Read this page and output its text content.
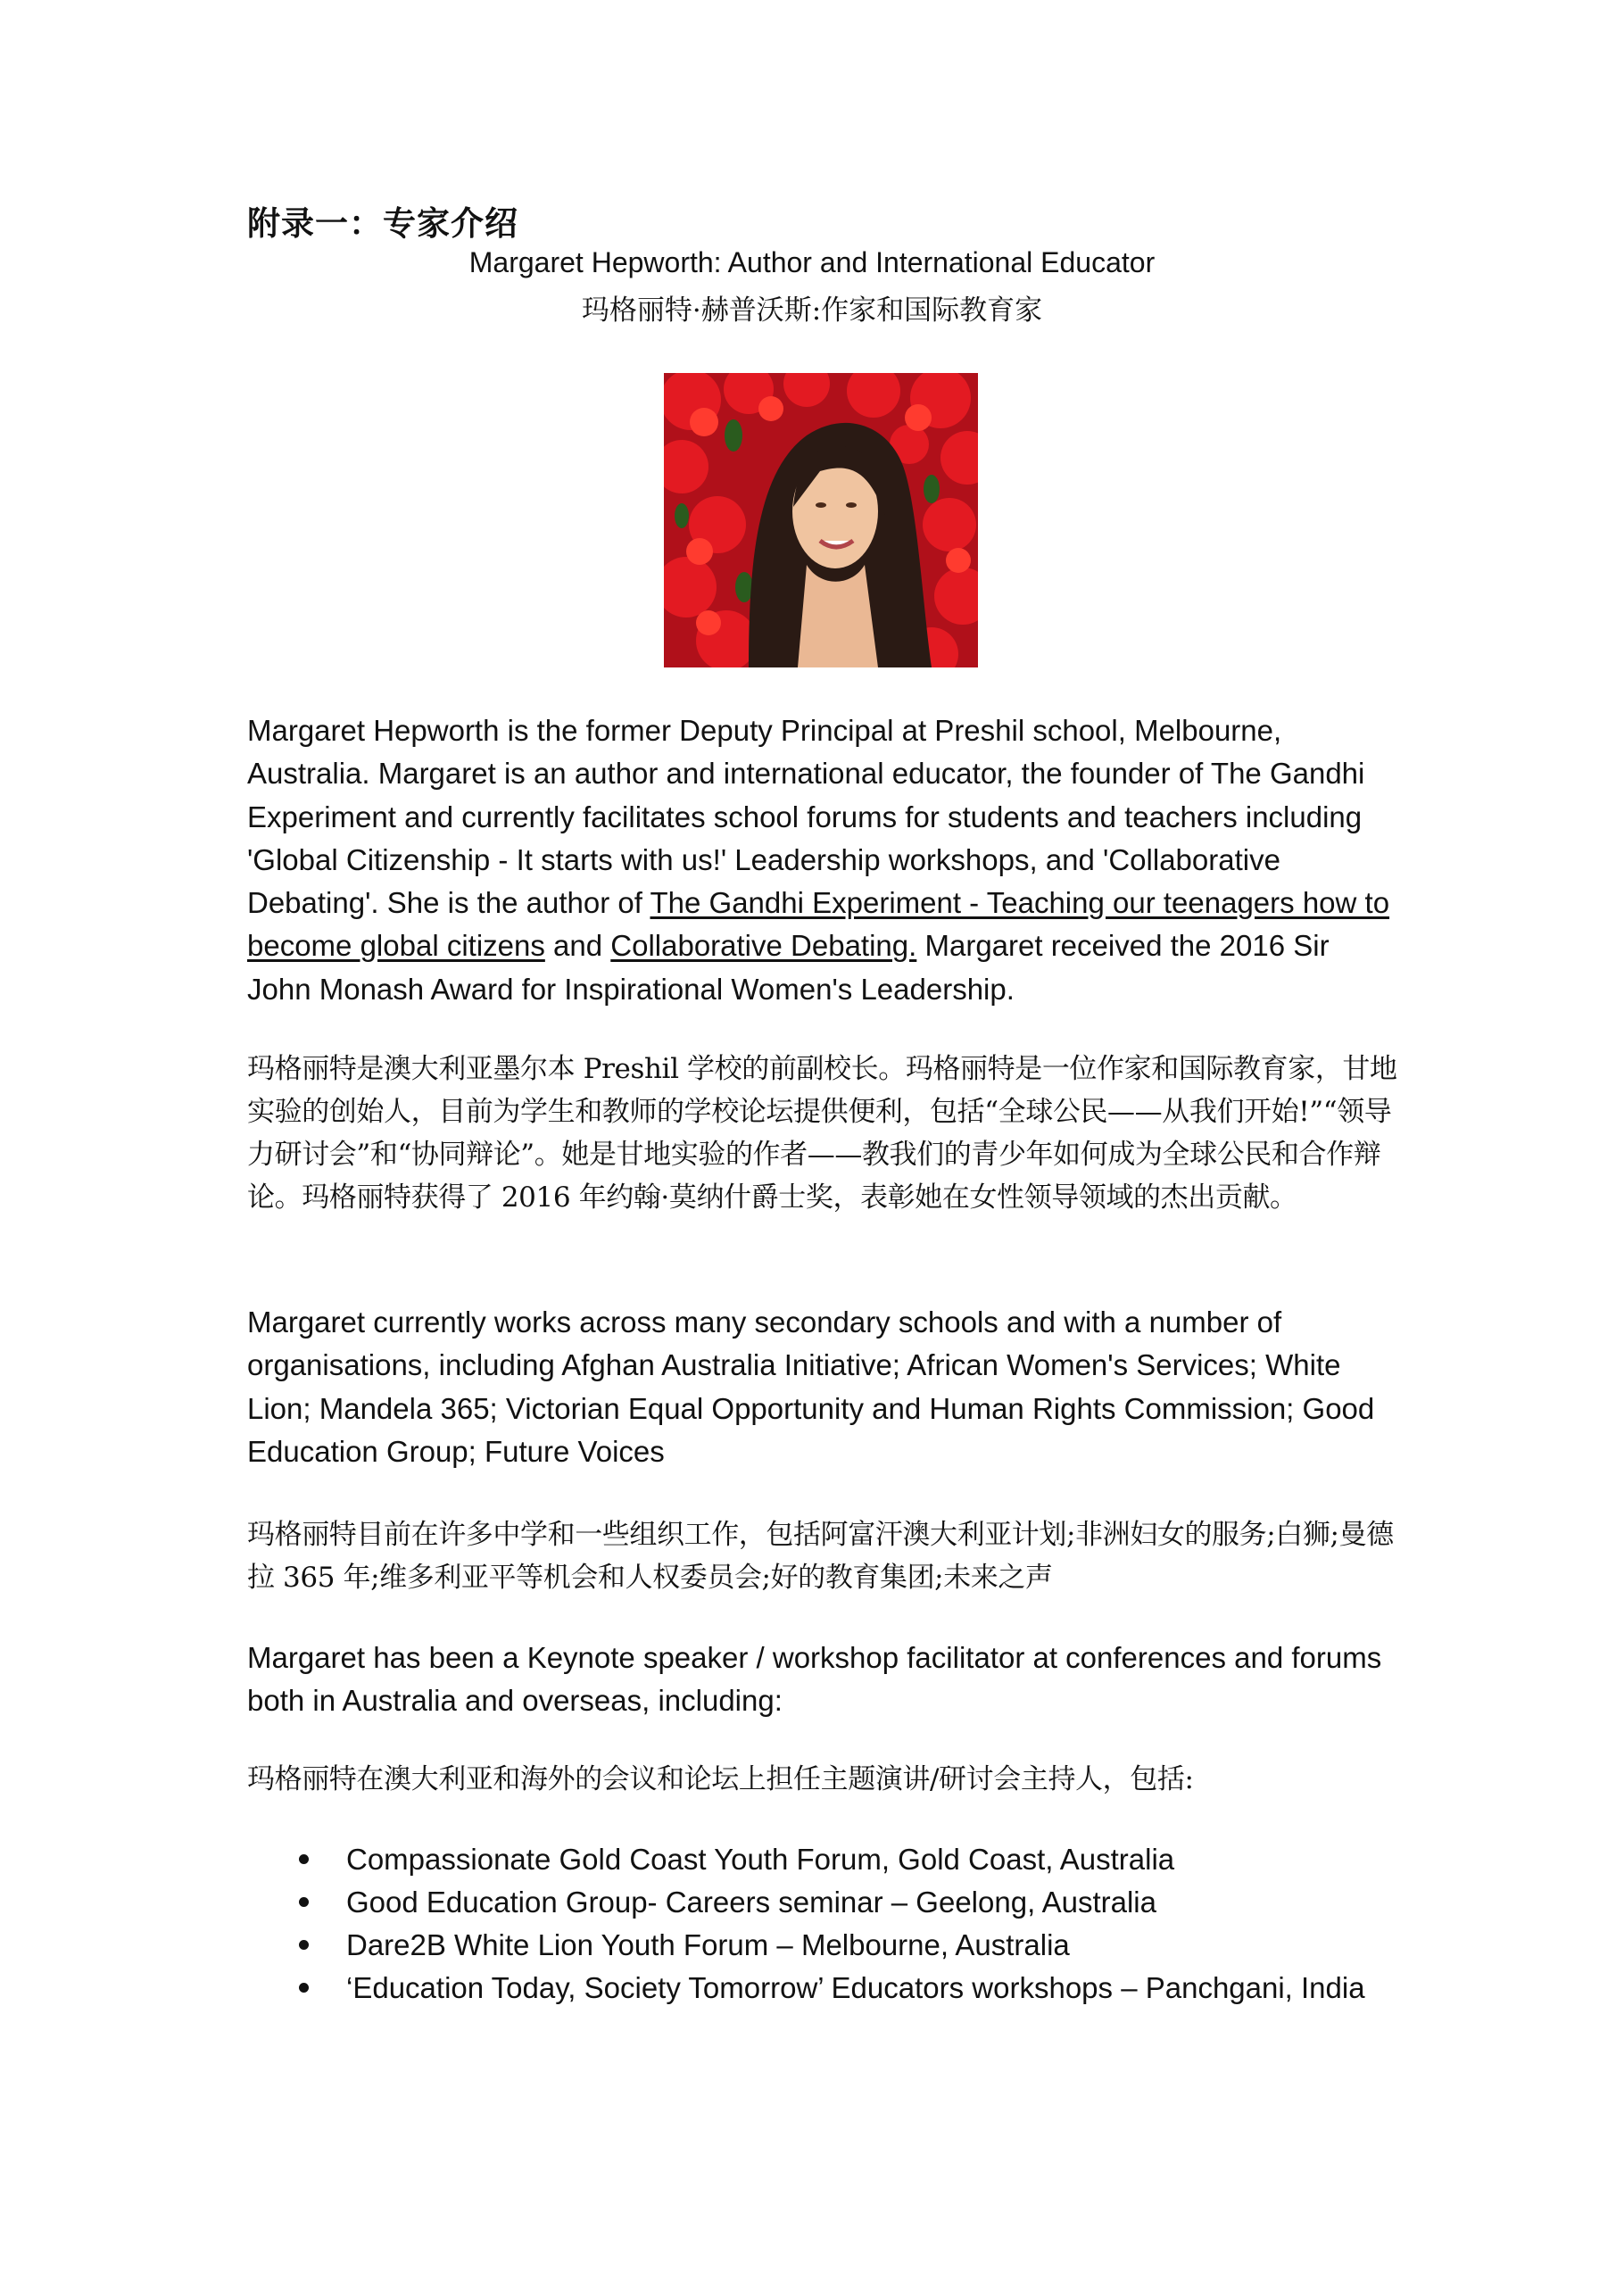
附录一：专家介绍

Margaret Hepworth: Author and International Educator

玛格丽特·赫普沃斯:作家和国际教育家

Margaret Hepworth is the former Deputy Principal at Preshil school, Melbourne, Australia. Margaret is an author and international educator, the founder of The Gandhi Experiment and currently facilitates school forums for students and teachers including 'Global Citizenship - It starts with us!' Leadership workshops, and 'Collaborative Debating'. She is the author of The Gandhi Experiment - Teaching our teenagers how to become global citizens and Collaborative Debating. Margaret received the 2016 Sir John Monash Award for Inspirational Women's Leadership.

玛格丽特是澳大利亚墨尔本 Preshil 学校的前副校长。玛格丽特是一位作家和国际教育家，甘地实验的创始人，目前为学生和教师的学校论坛提供便利，包括“全球公民——从我们开始!”“领导力研讨会”和“协同辩论”。她是甘地实验的作者——教我们的青少年如何成为全球公民和合作辩论。玛格丽特获得了 2016 年约翰·莫纳什爵士奖，表彰她在女性领导领域的杰出贡献。

Margaret currently works across many secondary schools and with a number of organisations, including Afghan Australia Initiative; African Women's Services; White Lion; Mandela 365; Victorian Equal Opportunity and Human Rights Commission; Good Education Group; Future Voices

玛格丽特目前在许多中学和一些组织工作，包括阿富汗澳大利亚计划;非洲妇女的服务;白狮;曼德拉 365 年;维多利亚平等机会和人权委员会;好的教育集团;未来之声

Margaret has been a Keynote speaker / workshop facilitator at conferences and forums both in Australia and overseas, including:

玛格丽特在澳大利亚和海外的会议和论坛上担任主题演讲/研讨会主持人，包括:

Compassionate Gold Coast Youth Forum, Gold Coast, Australia
Good Education Group- Careers seminar – Geelong, Australia
Dare2B White Lion Youth Forum – Melbourne, Australia
‘Education Today, Society Tomorrow’ Educators workshops – Panchgani, India
